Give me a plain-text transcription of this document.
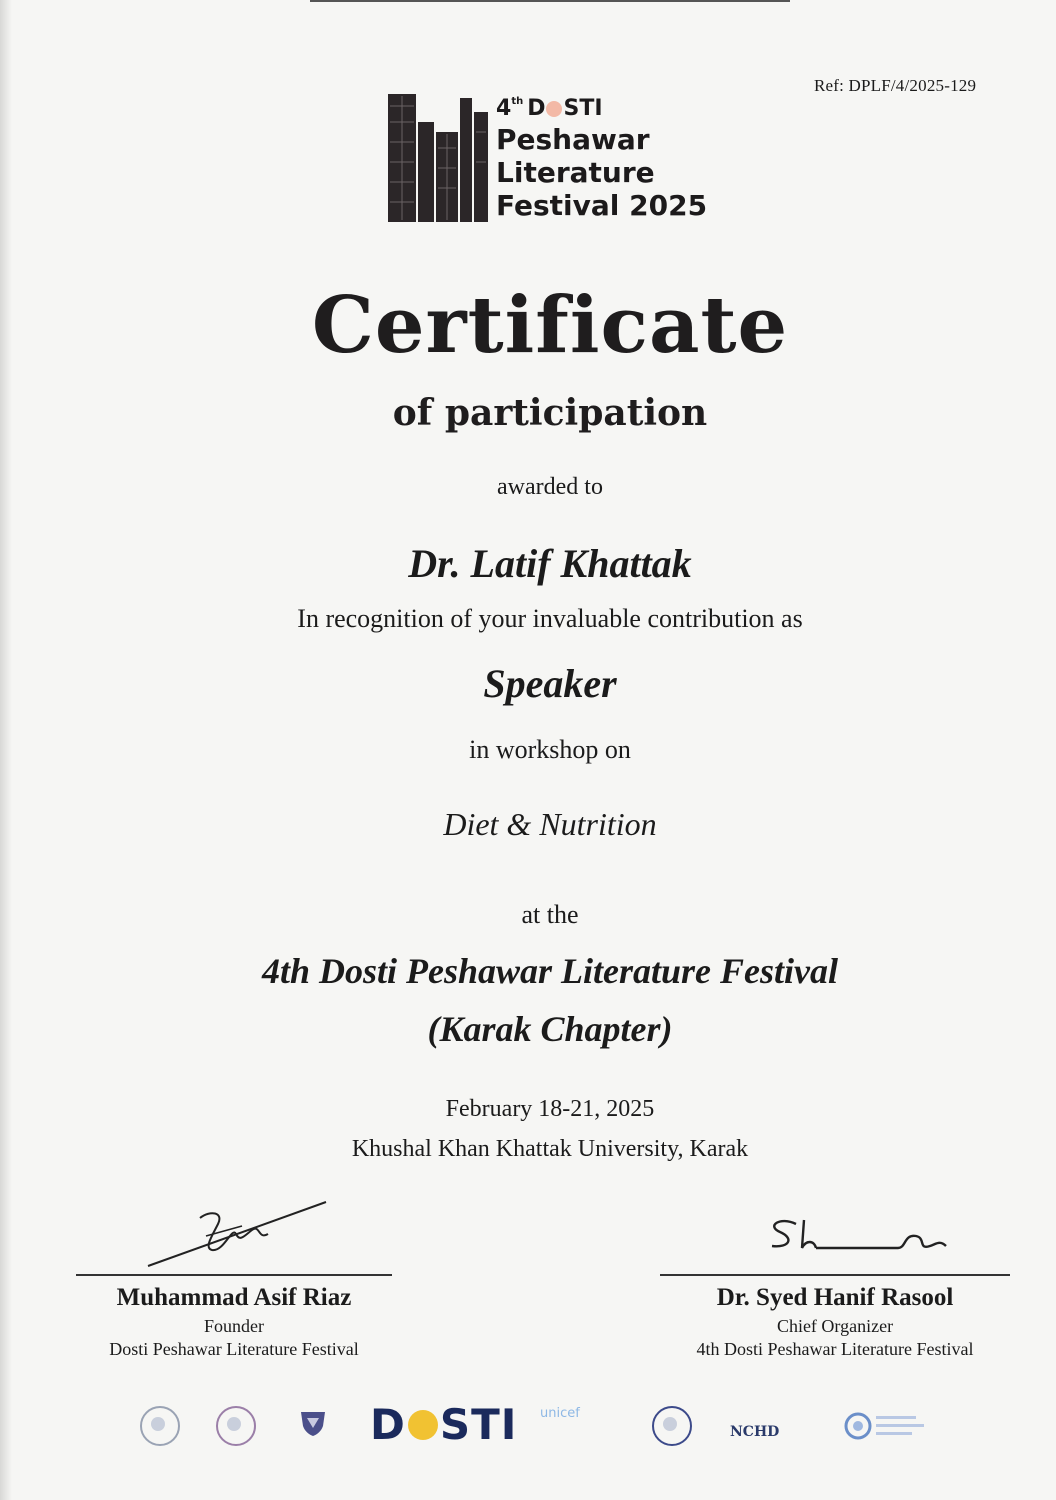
Ref: DPLF/4/2025-129
4th D STI
Peshawar
Literature
Festival 2025
Certificate
of participation
awarded to
Dr. Latif Khattak
In recognition of your invaluable contribution as
Speaker
in workshop on
Diet & Nutrition
at the
4th Dosti Peshawar Literature Festival
(Karak Chapter)
February 18-21, 2025
Khushal Khan Khattak University, Karak
Muhammad Asif Riaz
Founder
Dosti Peshawar Literature Festival
Dr. Syed Hanif Rasool
Chief Organizer
4th Dosti Peshawar Literature Festival
D STI unicef
NCHD
